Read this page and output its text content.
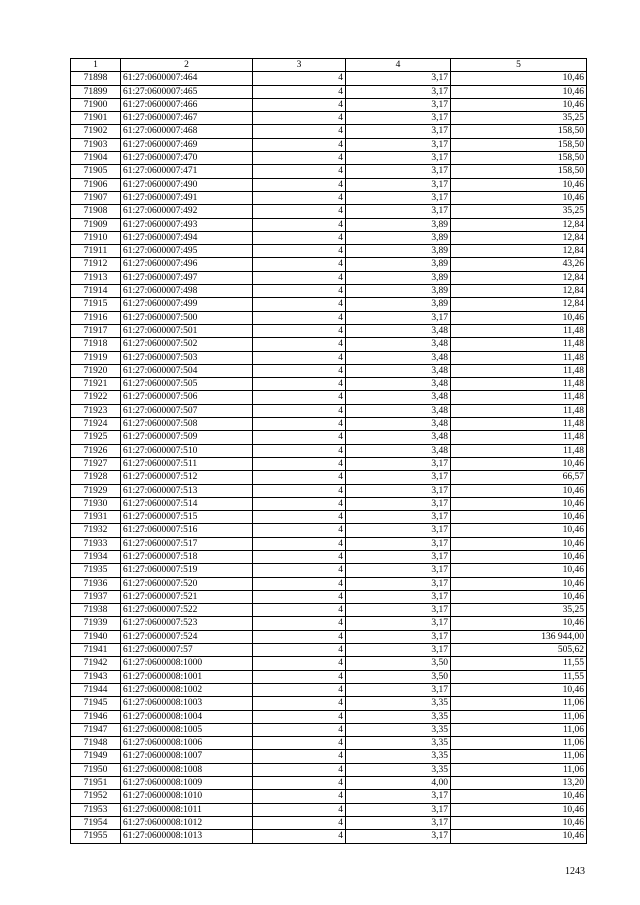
1	2	3	4	5
71898	61:27:0600007:464	4	3,17	10,46
71899	61:27:0600007:465	4	3,17	10,46
71900	61:27:0600007:466	4	3,17	10,46
71901	61:27:0600007:467	4	3,17	35,25
71902	61:27:0600007:468	4	3,17	158,50
71903	61:27:0600007:469	4	3,17	158,50
71904	61:27:0600007:470	4	3,17	158,50
71905	61:27:0600007:471	4	3,17	158,50
71906	61:27:0600007:490	4	3,17	10,46
71907	61:27:0600007:491	4	3,17	10,46
71908	61:27:0600007:492	4	3,17	35,25
71909	61:27:0600007:493	4	3,89	12,84
71910	61:27:0600007:494	4	3,89	12,84
71911	61:27:0600007:495	4	3,89	12,84
71912	61:27:0600007:496	4	3,89	43,26
71913	61:27:0600007:497	4	3,89	12,84
71914	61:27:0600007:498	4	3,89	12,84
71915	61:27:0600007:499	4	3,89	12,84
71916	61:27:0600007:500	4	3,17	10,46
71917	61:27:0600007:501	4	3,48	11,48
71918	61:27:0600007:502	4	3,48	11,48
71919	61:27:0600007:503	4	3,48	11,48
71920	61:27:0600007:504	4	3,48	11,48
71921	61:27:0600007:505	4	3,48	11,48
71922	61:27:0600007:506	4	3,48	11,48
71923	61:27:0600007:507	4	3,48	11,48
71924	61:27:0600007:508	4	3,48	11,48
71925	61:27:0600007:509	4	3,48	11,48
71926	61:27:0600007:510	4	3,48	11,48
71927	61:27:0600007:511	4	3,17	10,46
71928	61:27:0600007:512	4	3,17	66,57
71929	61:27:0600007:513	4	3,17	10,46
71930	61:27:0600007:514	4	3,17	10,46
71931	61:27:0600007:515	4	3,17	10,46
71932	61:27:0600007:516	4	3,17	10,46
71933	61:27:0600007:517	4	3,17	10,46
71934	61:27:0600007:518	4	3,17	10,46
71935	61:27:0600007:519	4	3,17	10,46
71936	61:27:0600007:520	4	3,17	10,46
71937	61:27:0600007:521	4	3,17	10,46
71938	61:27:0600007:522	4	3,17	35,25
71939	61:27:0600007:523	4	3,17	10,46
71940	61:27:0600007:524	4	3,17	136 944,00
71941	61:27:0600007:57	4	3,17	505,62
71942	61:27:0600008:1000	4	3,50	11,55
71943	61:27:0600008:1001	4	3,50	11,55
71944	61:27:0600008:1002	4	3,17	10,46
71945	61:27:0600008:1003	4	3,35	11,06
71946	61:27:0600008:1004	4	3,35	11,06
71947	61:27:0600008:1005	4	3,35	11,06
71948	61:27:0600008:1006	4	3,35	11,06
71949	61:27:0600008:1007	4	3,35	11,06
71950	61:27:0600008:1008	4	3,35	11,06
71951	61:27:0600008:1009	4	4,00	13,20
71952	61:27:0600008:1010	4	3,17	10,46
71953	61:27:0600008:1011	4	3,17	10,46
71954	61:27:0600008:1012	4	3,17	10,46
71955	61:27:0600008:1013	4	3,17	10,46
1243
